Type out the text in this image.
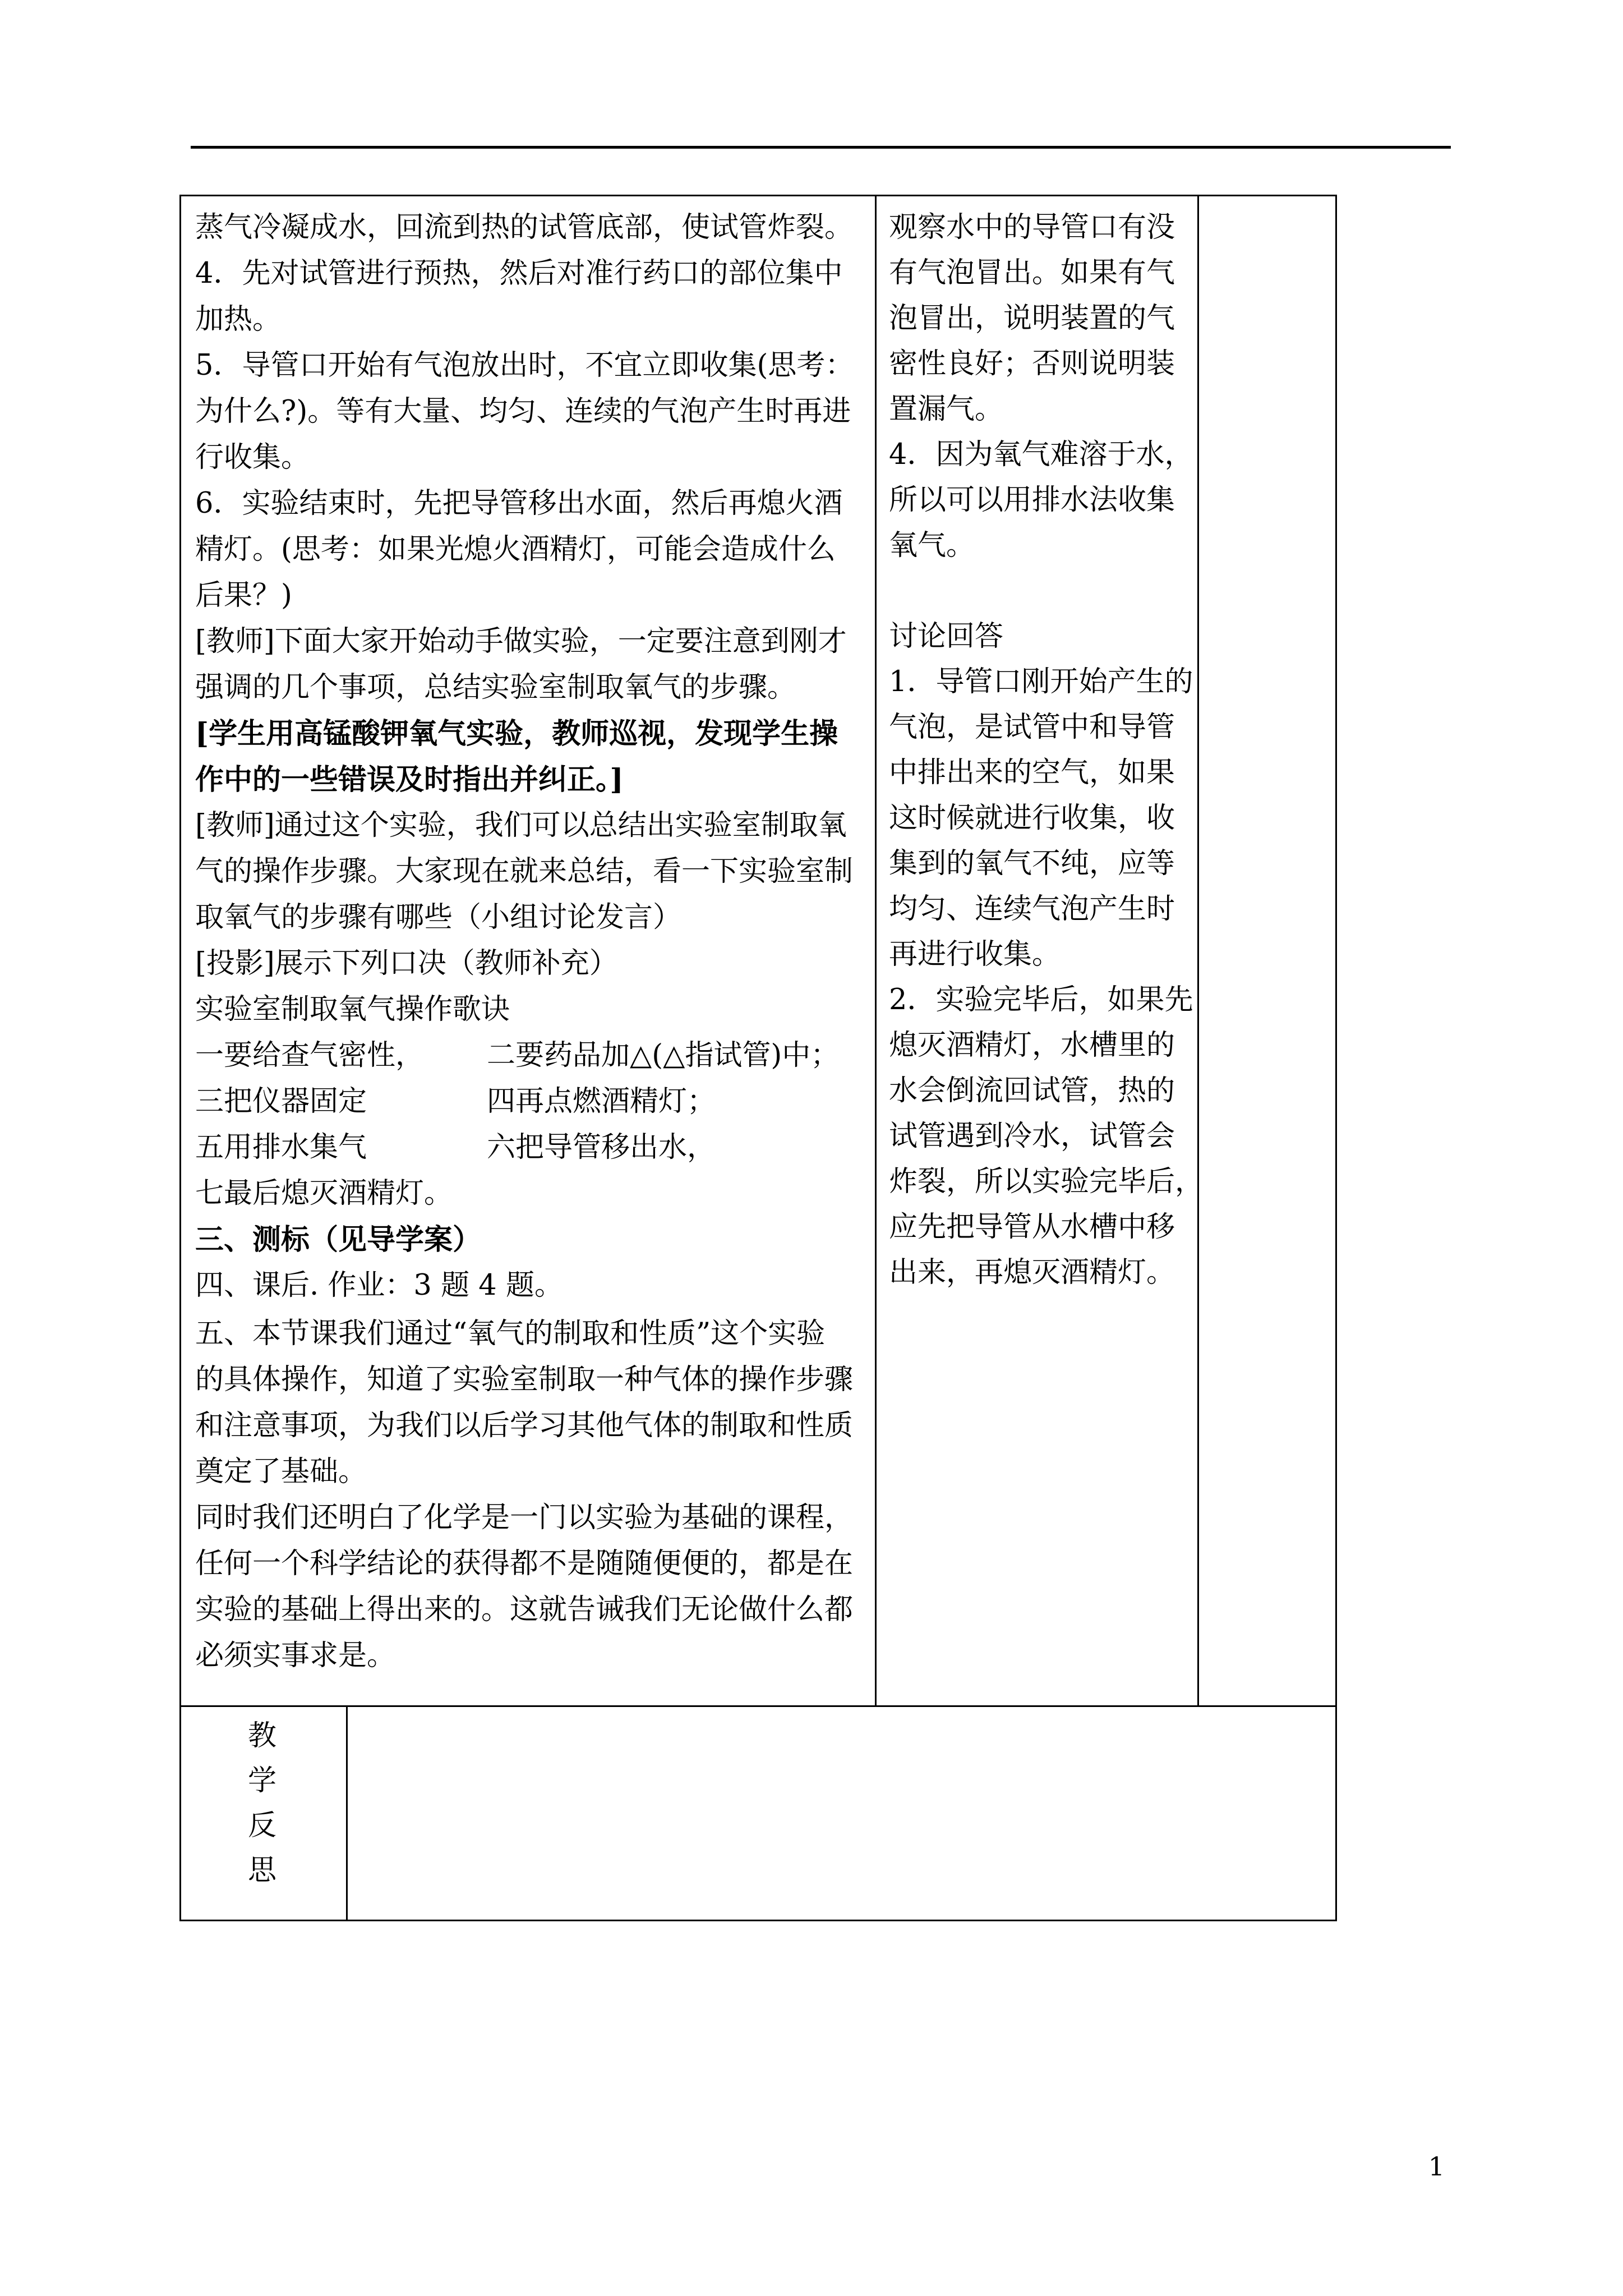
蒸气冷凝成水，回流到热的试管底部，使试管炸裂。
4．先对试管进行预热，然后对准行药口的部位集中
加热。
5．导管口开始有气泡放出时，不宜立即收集(思考：
为什么?)。等有大量、均匀、连续的气泡产生时再进
行收集。
6．实验结束时，先把导管移出水面，然后再熄火酒
精灯。(思考：如果光熄火酒精灯，可能会造成什么
后果？)
[教师]下面大家开始动手做实验，一定要注意到刚才
强调的几个事项，总结实验室制取氧气的步骤。
[学生用高锰酸钾氧气实验，教师巡视，发现学生操
作中的一些错误及时指出并纠正。]
[教师]通过这个实验，我们可以总结出实验室制取氧
气的操作步骤。大家现在就来总结，看一下实验室制
取氧气的步骤有哪些（小组讨论发言）
[投影]展示下列口决（教师补充）
实验室制取氧气操作歌诀
一要给查气密性， 二要药品加△(△指试管)中；
三把仪器固定	四再点燃酒精灯；
五用排水集气	六把导管移出水，
七最后熄灭酒精灯。
三、测标（见导学案）
四、课后. 作业：3 题 4 题。
五、本节课我们通过“氧气的制取和性质”这个实验
的具体操作，知道了实验室制取一种气体的操作步骤
和注意事项，为我们以后学习其他气体的制取和性质
奠定了基础。
同时我们还明白了化学是一门以实验为基础的课程，
任何一个科学结论的获得都不是随随便便的，都是在
实验的基础上得出来的。这就告诫我们无论做什么都
必须实事求是。
观察水中的导管口有没
有气泡冒出。如果有气
泡冒出，说明装置的气
密性良好；否则说明装
置漏气。
4．因为氧气难溶于水，
所以可以用排水法收集
氧气。
讨论回答
1．导管口刚开始产生的
气泡，是试管中和导管
中排出来的空气，如果
这时候就进行收集，收
集到的氧气不纯，应等
均匀、连续气泡产生时
再进行收集。
2．实验完毕后，如果先
熄灭酒精灯，水槽里的
水会倒流回试管，热的
试管遇到冷水，试管会
炸裂，所以实验完毕后，
应先把导管从水槽中移
出来，再熄灭酒精灯。
教
学
反
思
1
